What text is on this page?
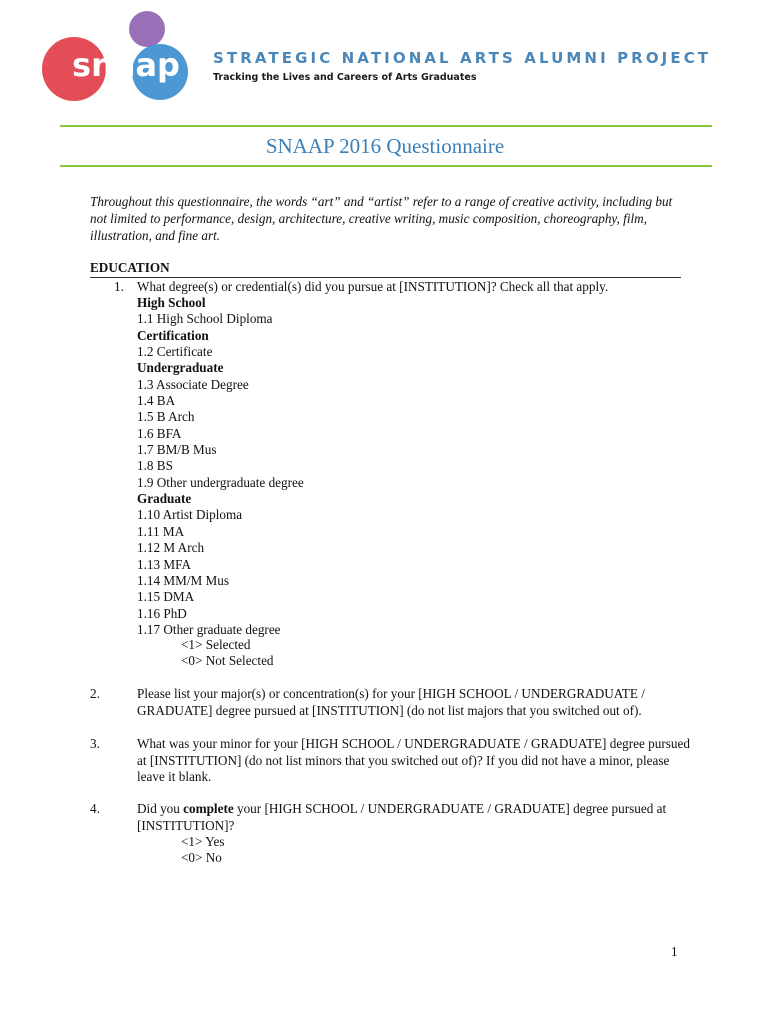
snaap STRATEGIC NATIONAL ARTS ALUMNI PROJECT
Tracking the Lives and Careers of Arts Graduates
SNAAP 2016 Questionnaire

Throughout this questionnaire, the words “art” and “artist” refer to a range of creative activity, including but not limited to performance, design, architecture, creative writing, music composition, choreography, film, illustration, and fine art.

EDUCATION
1. What degree(s) or credential(s) did you pursue at [INSTITUTION]? Check all that apply.
High School
1.1 High School Diploma
Certification
1.2 Certificate
Undergraduate
1.3 Associate Degree
1.4 BA
1.5 B Arch
1.6 BFA
1.7 BM/B Mus
1.8 BS
1.9 Other undergraduate degree
Graduate
1.10 Artist Diploma
1.11 MA
1.12 M Arch
1.13 MFA
1.14 MM/M Mus
1.15 DMA
1.16 PhD
1.17 Other graduate degree
<1> Selected
<0> Not Selected
2.	Please list your major(s) or concentration(s) for your [HIGH SCHOOL / UNDERGRADUATE / GRADUATE] degree pursued at [INSTITUTION] (do not list majors that you switched out of).
3.	What was your minor for your [HIGH SCHOOL / UNDERGRADUATE / GRADUATE] degree pursued at [INSTITUTION] (do not list minors that you switched out of)? If you did not have a minor, please leave it blank.
4.	Did you complete your [HIGH SCHOOL / UNDERGRADUATE / GRADUATE] degree pursued at [INSTITUTION]?
<1> Yes
<0> No
1
